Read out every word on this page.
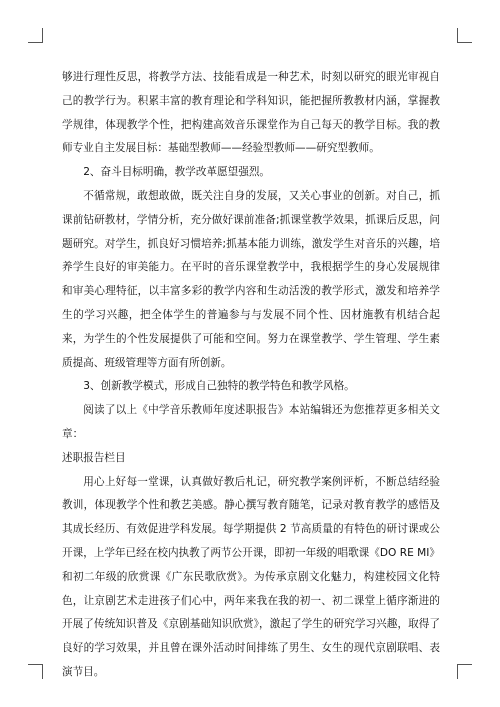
够进行理性反思，将教学方法、技能看成是一种艺术，时刻以研究的眼光审视自己的教学行为。积累丰富的教育理论和学科知识，能把握所教教材内涵，掌握教学规律，体现教学个性，把构建高效音乐课堂作为自己每天的教学目标。我的教师专业自主发展目标：基础型教师——经验型教师——研究型教师。

2、奋斗目标明确，教学改革愿望强烈。

不循常规，敢想敢做，既关注自身的发展，又关心事业的创新。对自己，抓课前钻研教材，学情分析，充分做好课前准备;抓课堂教学效果，抓课后反思，问题研究。对学生，抓良好习惯培养;抓基本能力训练，激发学生对音乐的兴趣，培养学生良好的审美能力。在平时的音乐课堂教学中，我根据学生的身心发展规律和审美心理特征，以丰富多彩的教学内容和生动活泼的教学形式，激发和培养学生的学习兴趣，把全体学生的普遍参与与发展不同个性、因材施教有机结合起来，为学生的个性发展提供了可能和空间。努力在课堂教学、学生管理、学生素质提高、班级管理等方面有所创新。

3、创新教学模式，形成自己独特的教学特色和教学风格。

阅读了以上《中学音乐教师年度述职报告》本站编辑还为您推荐更多相关文章：

述职报告栏目

用心上好每一堂课，认真做好教后札记，研究教学案例评析，不断总结经验教训，体现教学个性和教艺美感。静心撰写教育随笔，记录对教育教学的感悟及其成长经历、有效促进学科发展。每学期提供 2 节高质量的有特色的研讨课或公开课，上学年已经在校内执教了两节公开课，即初一年级的唱歌课《DO RE MI》和初二年级的欣赏课《广东民歌欣赏》。为传承京剧文化魅力，构建校园文化特色，让京剧艺术走进孩子们心中，两年来我在我的初一、初二课堂上循序渐进的开展了传统知识普及《京剧基础知识欣赏》，激起了学生的研究学习兴趣，取得了良好的学习效果，并且曾在课外活动时间排练了男生、女生的现代京剧联唱、表演节目。
